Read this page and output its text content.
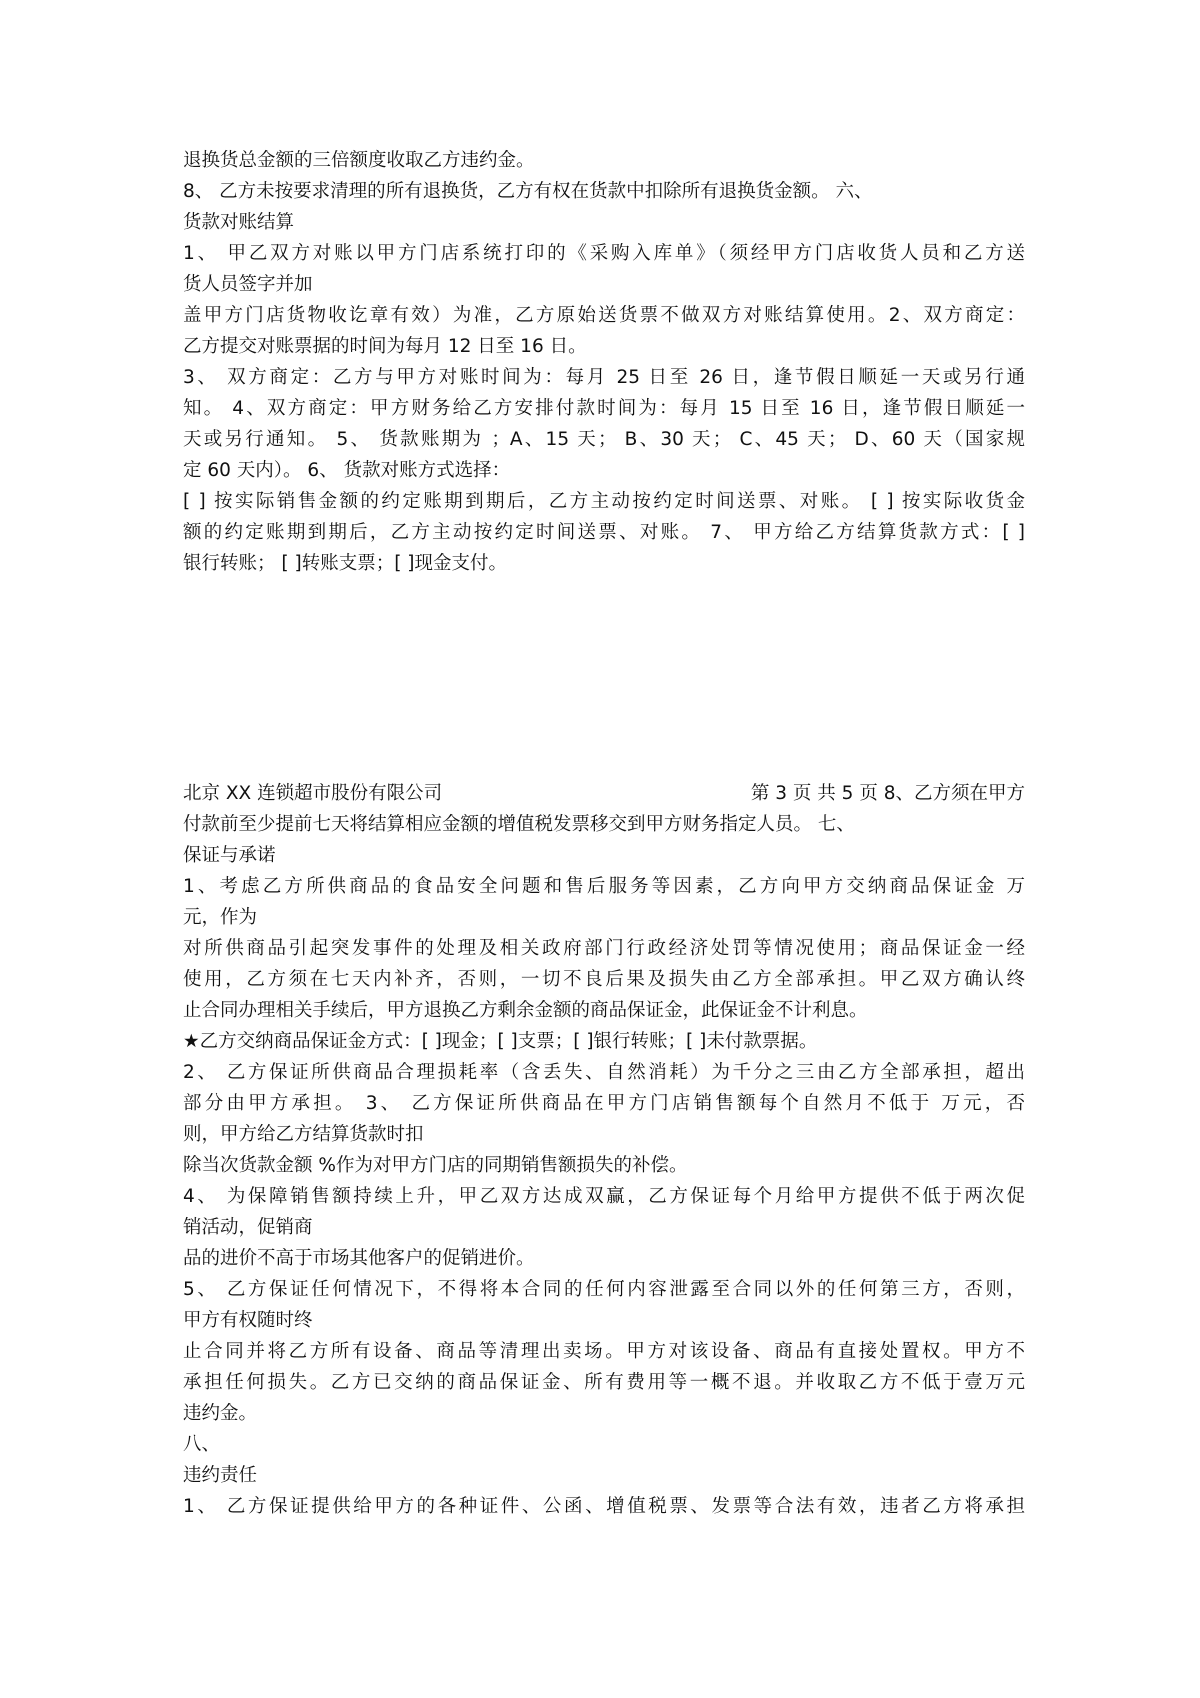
退换货总金额的三倍额度收取乙方违约金。
8、 乙方未按要求清理的所有退换货，乙方有权在货款中扣除所有退换货金额。 六、
货款对账结算
1、 甲乙双方对账以甲方门店系统打印的《采购入库单》（须经甲方门店收货人员和乙方送
货人员签字并加
盖甲方门店货物收讫章有效）为准，乙方原始送货票不做双方对账结算使用。2、双方商定：
乙方提交对账票据的时间为每月 12 日至 16 日。
3、 双方商定：乙方与甲方对账时间为：每月 25 日至 26 日，逢节假日顺延一天或另行通
知。 4、双方商定：甲方财务给乙方安排付款时间为：每月 15 日至 16 日，逢节假日顺延一
天或另行通知。 5、 货款账期为 ；A、15 天； B、30 天； C、45 天； D、60 天（国家规
定 60 天内）。 6、 货款对账方式选择：
[ ] 按实际销售金额的约定账期到期后，乙方主动按约定时间送票、对账。 [ ] 按实际收货金
额的约定账期到期后，乙方主动按约定时间送票、对账。 7、 甲方给乙方结算货款方式：[ ]
银行转账； [ ]转账支票；[ ]现金支付。
北京 XX 连锁超市股份有限公司	第 3 页 共 5 页 8、乙方须在甲方
付款前至少提前七天将结算相应金额的增值税发票移交到甲方财务指定人员。 七、
保证与承诺
1、考虑乙方所供商品的食品安全问题和售后服务等因素，乙方向甲方交纳商品保证金 万
元，作为
对所供商品引起突发事件的处理及相关政府部门行政经济处罚等情况使用；商品保证金一经
使用，乙方须在七天内补齐，否则，一切不良后果及损失由乙方全部承担。甲乙双方确认终
止合同办理相关手续后，甲方退换乙方剩余金额的商品保证金，此保证金不计利息。
★乙方交纳商品保证金方式：[ ]现金；[ ]支票；[ ]银行转账；[ ]未付款票据。
2、 乙方保证所供商品合理损耗率（含丢失、自然消耗）为千分之三由乙方全部承担，超出
部分由甲方承担。 3、 乙方保证所供商品在甲方门店销售额每个自然月不低于 万元，否
则，甲方给乙方结算货款时扣
除当次货款金额 %作为对甲方门店的同期销售额损失的补偿。
4、 为保障销售额持续上升，甲乙双方达成双赢，乙方保证每个月给甲方提供不低于两次促
销活动，促销商
品的进价不高于市场其他客户的促销进价。
5、 乙方保证任何情况下，不得将本合同的任何内容泄露至合同以外的任何第三方，否则，
甲方有权随时终
止合同并将乙方所有设备、商品等清理出卖场。甲方对该设备、商品有直接处置权。甲方不
承担任何损失。乙方已交纳的商品保证金、所有费用等一概不退。并收取乙方不低于壹万元
违约金。
八、
违约责任
1、 乙方保证提供给甲方的各种证件、公函、增值税票、发票等合法有效，违者乙方将承担
